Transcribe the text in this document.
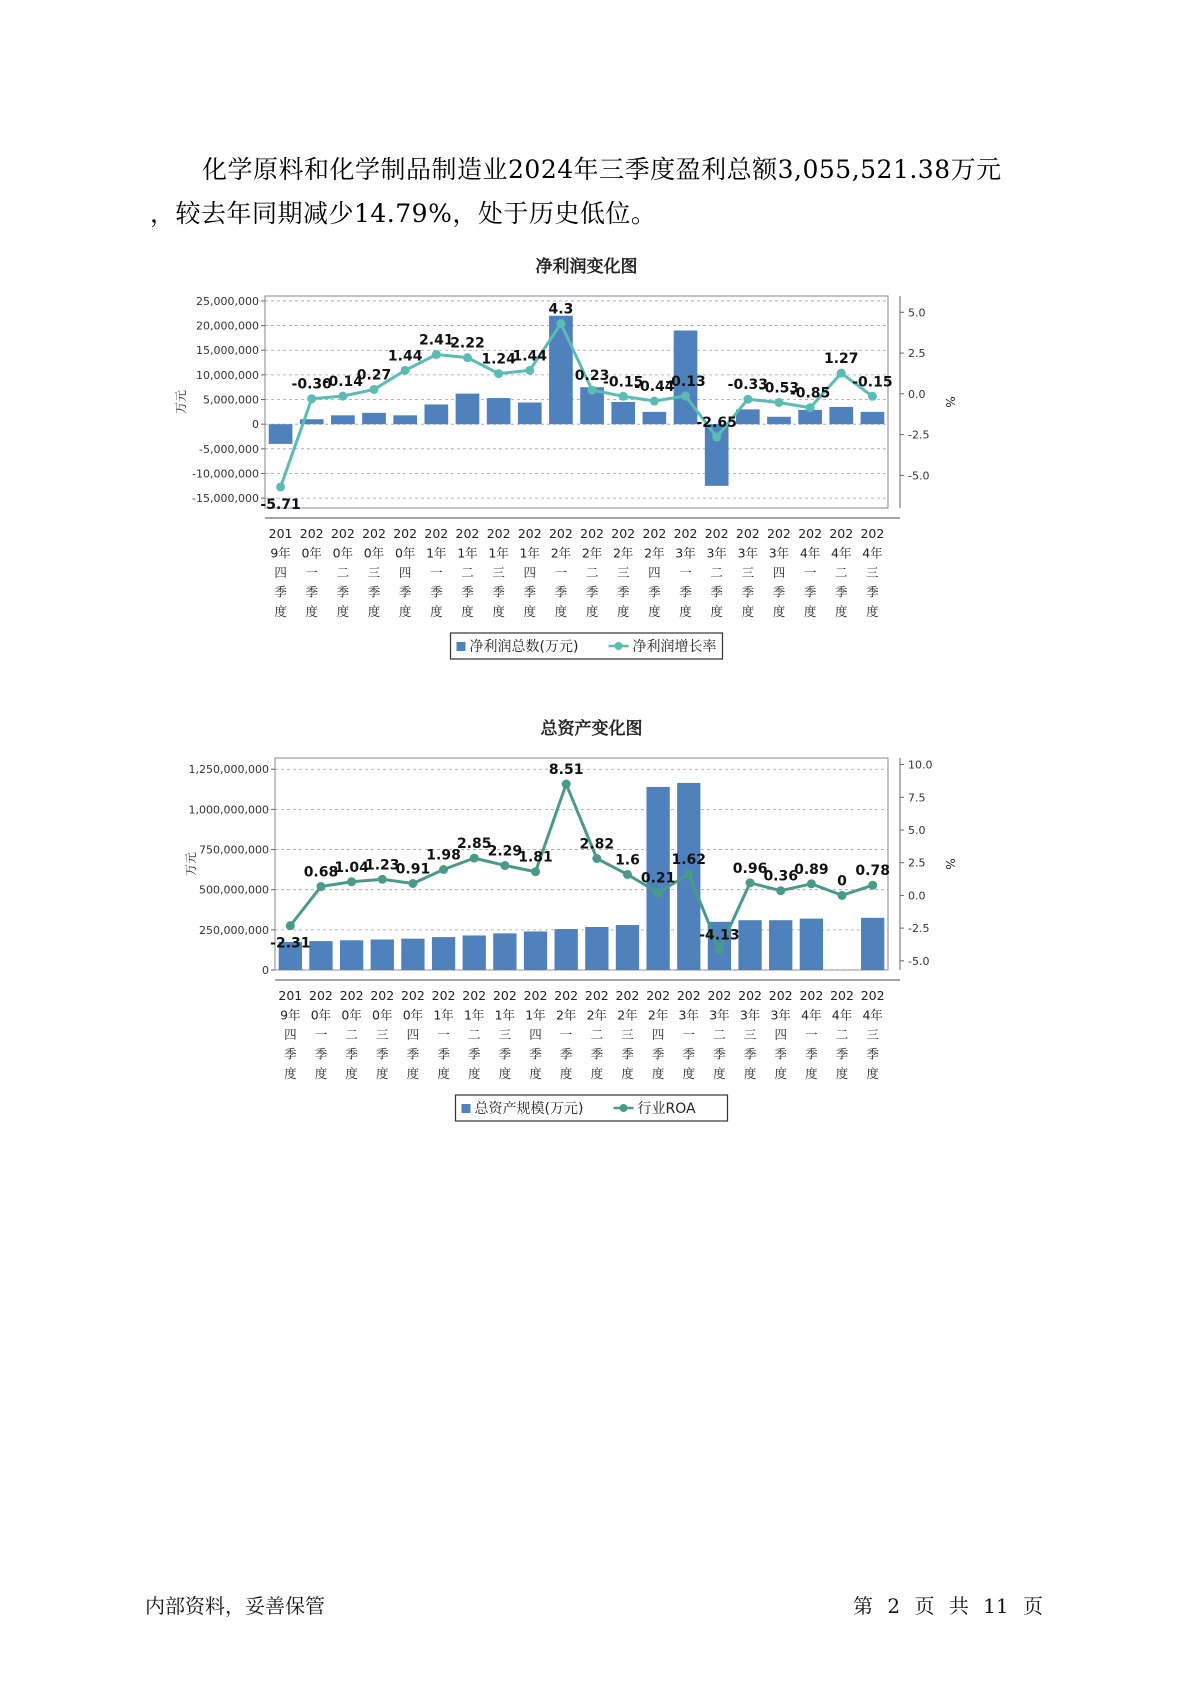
化学原料和化学制品制造业2024年三季度盈利总额3,055,521.38万元
，较去年同期减少14.79%，处于历史低位。

净利润变化图
25,000,000
20,000,000
15,000,000
10,000,000
5,000,000
0
-5,000,000
-10,000,000
-15,000,000
5.0
2.5
0.0
-2.5
-5.0
万元	%
-5.71
-0.30
-0.14
0.27
1.44
2.41
2.22
1.24
1.44
4.3
0.23
-0.15
-0.44
-0.13
-2.65
-0.33
-0.53
-0.85
1.27
-0.15
201 9年四季度
202 0年一季度
202 0年二季度
202 0年三季度
202 0年四季度
202 1年一季度
202 1年二季度
202 1年三季度
202 1年四季度
202 2年一季度
202 2年二季度
202 2年三季度
202 2年四季度
202 3年一季度
202 3年二季度
202 3年三季度
202 3年四季度
202 4年一季度
202 4年二季度
202 4年三季度
净利润总数(万元)	净利润增长率
总资产变化图
1,250,000,000
1,000,000,000
750,000,000
500,000,000
250,000,000
0
10.0
7.5
5.0
2.5
0.0
-2.5
-5.0
万元	%
-2.31
0.68
1.04
1.23
0.91
1.98
2.85
2.29
1.81
8.51
2.82
1.6
0.21
1.62
-4.13
0.96
0.36
0.89
0
0.78
201 9年四季度
202 0年一季度
202 0年二季度
202 0年三季度
202 0年四季度
202 1年一季度
202 1年二季度
202 1年三季度
202 1年四季度
202 2年一季度
202 2年二季度
202 2年三季度
202 2年四季度
202 3年一季度
202 3年二季度
202 3年三季度
202 3年四季度
202 4年一季度
202 4年二季度
202 4年三季度
总资产规模(万元)	行业ROA
内部资料，妥善保管	第 2 页 共 11 页
